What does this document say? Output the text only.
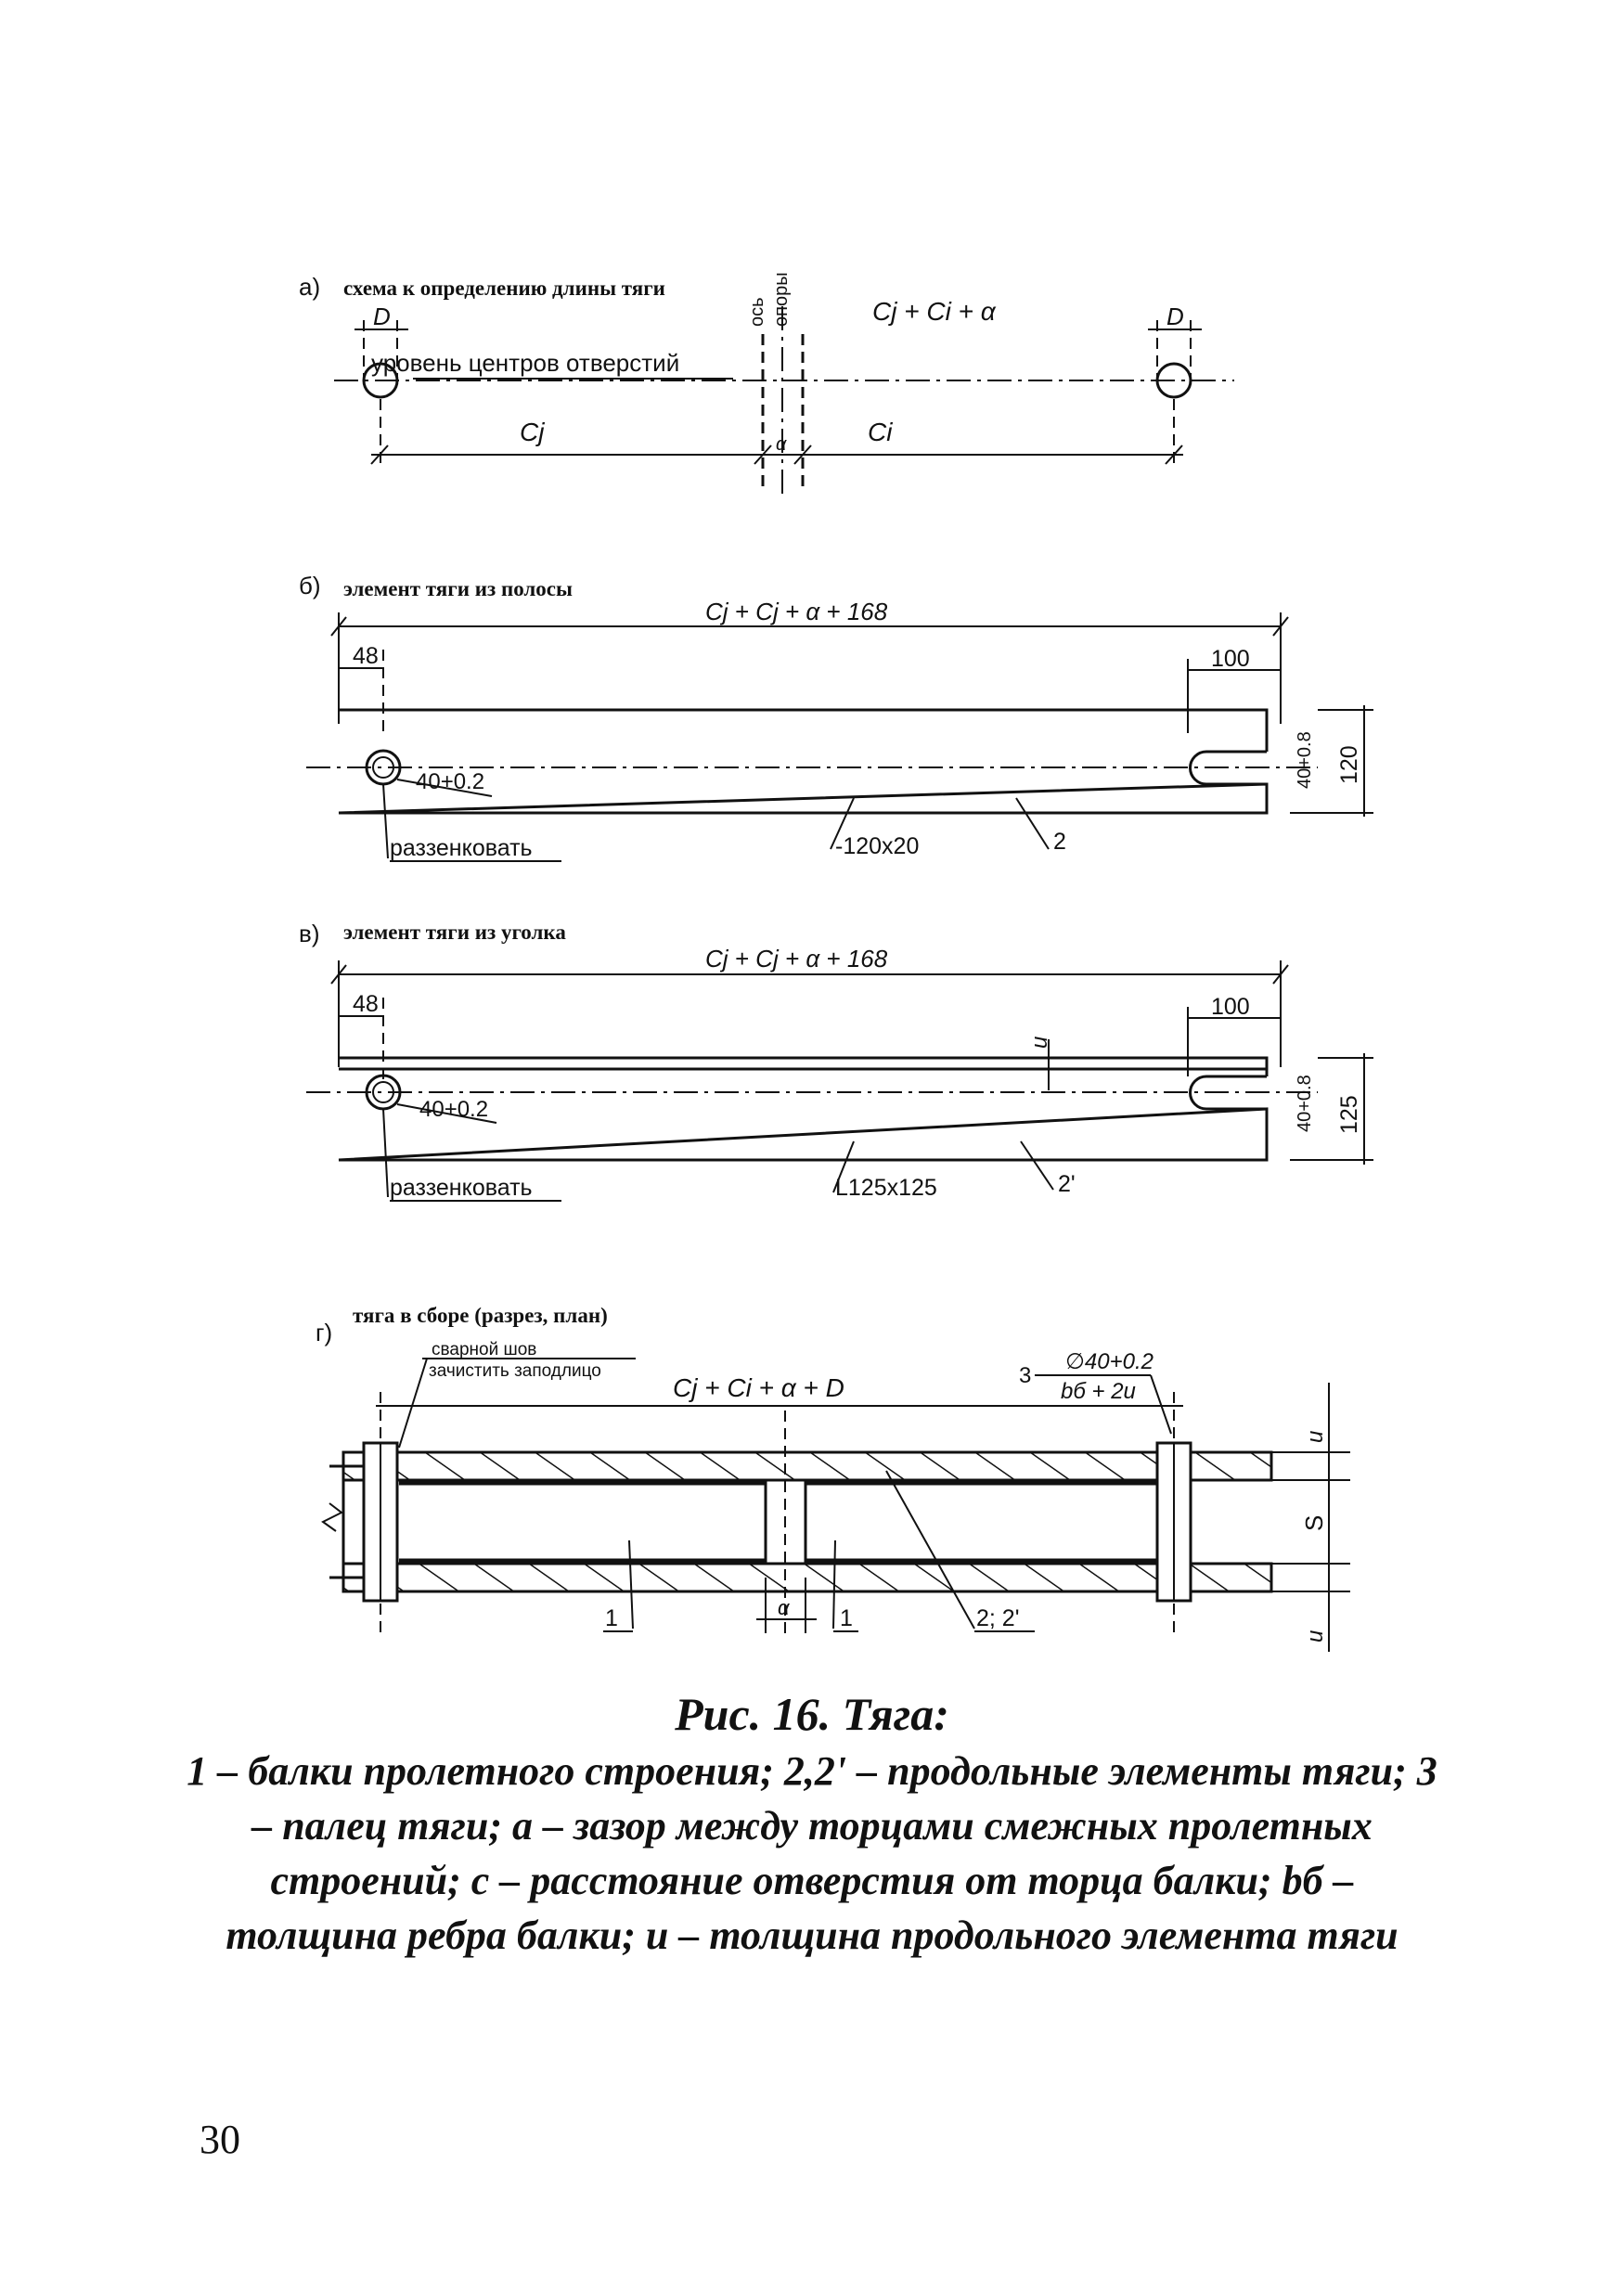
а) схема к определению длины тяги
ось опоры	Cj + Ci + α
уровень центров отверстий
D	D
Cj	Ci
α
б) элемент тяги из полосы
Cj + Cj + α + 168
48	100
40+0.2	40+0.8 120
раззенковать	-120x20	2
в) элемент тяги из уголка
Cj + Cj + α + 168
48	100
u
40+0.2	40+0.8 125
раззенковать	L125x125	2'
г)
тяга в сборе (разрез, план)
сварной шов
зачистить заподлицо
Cj + Ci + α + D	3
∅40+0.2
bб + 2u
α
1	1	2; 2'
u
S
u
Рис. 16. Тяга:
1 – балки пролетного строения; 2,2' – продольные элементы тяги; 3 – палец тяги; а – зазор между торцами смежных пролетных строений; с – расстояние отверстия от торца балки; bб – толщина ребра балки; и – толщина продольного элемента тяги
30
